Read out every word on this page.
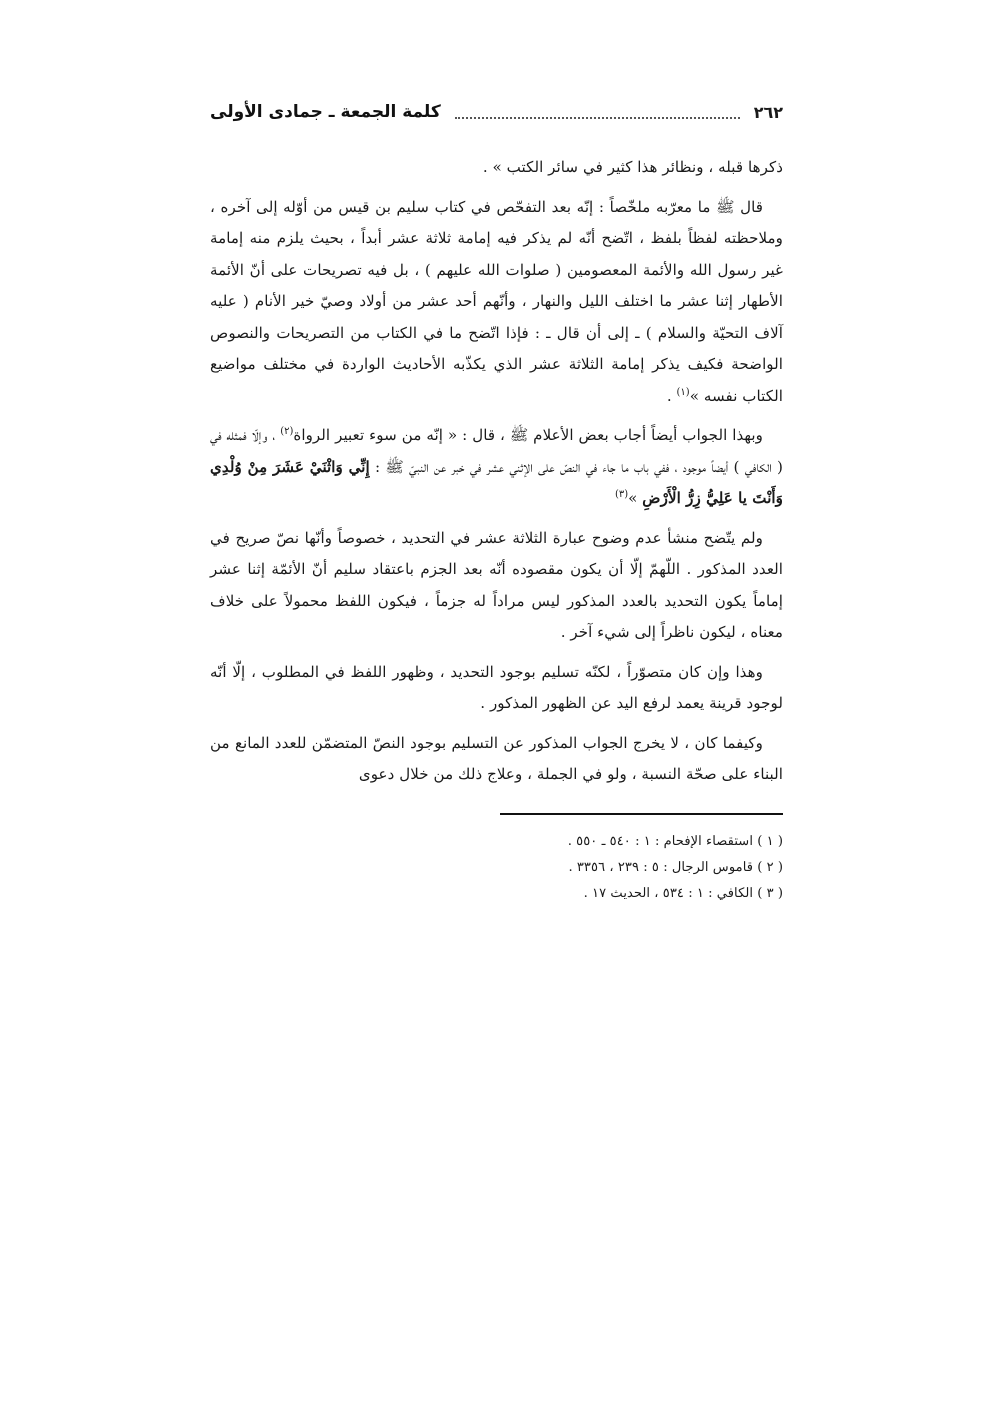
٢٦٢
كلمة الجمعة ـ جمادى الأولى

ذكرها قبله ، ونظائر هذا كثير في سائر الكتب » .

قال ﷺ ما معرّبه ملخّصاً : إنّه بعد التفحّص في كتاب سليم بن قيس من أوّله إلى آخره ، وملاحظته لفظاً بلفظ ، اتّضح أنّه لم يذكر فيه إمامة ثلاثة عشر أبداً ، بحيث يلزم منه إمامة غير رسول الله والأئمة المعصومين ( صلوات الله عليهم ) ، بل فيه تصريحات على أنّ الأئمة الأطهار إثنا عشر ما اختلف الليل والنهار ، وأنّهم أحد عشر من أولاد وصيّ خير الأنام ( عليه آلاف التحيّة والسلام ) ـ إلى أن قال ـ : فإذا اتّضح ما في الكتاب من التصريحات والنصوص الواضحة فكيف يذكر إمامة الثلاثة عشر الذي يكذّبه الأحاديث الواردة في مختلف مواضيع الكتاب نفسه »$^{(١)}$ .

وبهذا الجواب أيضاً أجاب بعض الأعلام ﷺ ، قال : « إنّه من سوء تعبير الرواة$^{(٢)}$ ، وإلّا فمثله في ( الكافي ) أيضاً موجود ، ففي باب ما جاء في النصّ على الإثني عشر في خبر عن النبيّ ﷺ : إِنِّي وَاثْنَيْ عَشَرَ مِنْ وُلْدِي وَأَنْتَ يا عَلِيُّ زِرُّ الْأَرْضِ »$^{(٣)}$

ولم يتّضح منشأ عدم وضوح عبارة الثلاثة عشر في التحديد ، خصوصاً وأنّها نصّ صريح في العدد المذكور . اللّهمّ إلّا أن يكون مقصوده أنّه بعد الجزم باعتقاد سليم أنّ الأئمّة إثنا عشر إماماً يكون التحديد بالعدد المذكور ليس مراداً له جزماً ، فيكون اللفظ محمولاً على خلاف معناه ، ليكون ناظراً إلى شيء آخر .

وهذا وإن كان متصوّراً ، لكنّه تسليم بوجود التحديد ، وظهور اللفظ في المطلوب ، إلّا أنّه لوجود قرينة يعمد لرفع اليد عن الظهور المذكور .

وكيفما كان ، لا يخرج الجواب المذكور عن التسليم بوجود النصّ المتضمّن للعدد المانع من البناء على صحّة النسبة ، ولو في الجملة ، وعلاج ذلك من خلال دعوى

( ١ ) استقصاء الإفحام : ١ : ٥٤٠ ـ ٥٥٠ .
( ٢ ) قاموس الرجال : ٥ : ٢٣٩ ، ٣٣٥٦ .
( ٣ ) الكافي : ١ : ٥٣٤ ، الحديث ١٧ .
